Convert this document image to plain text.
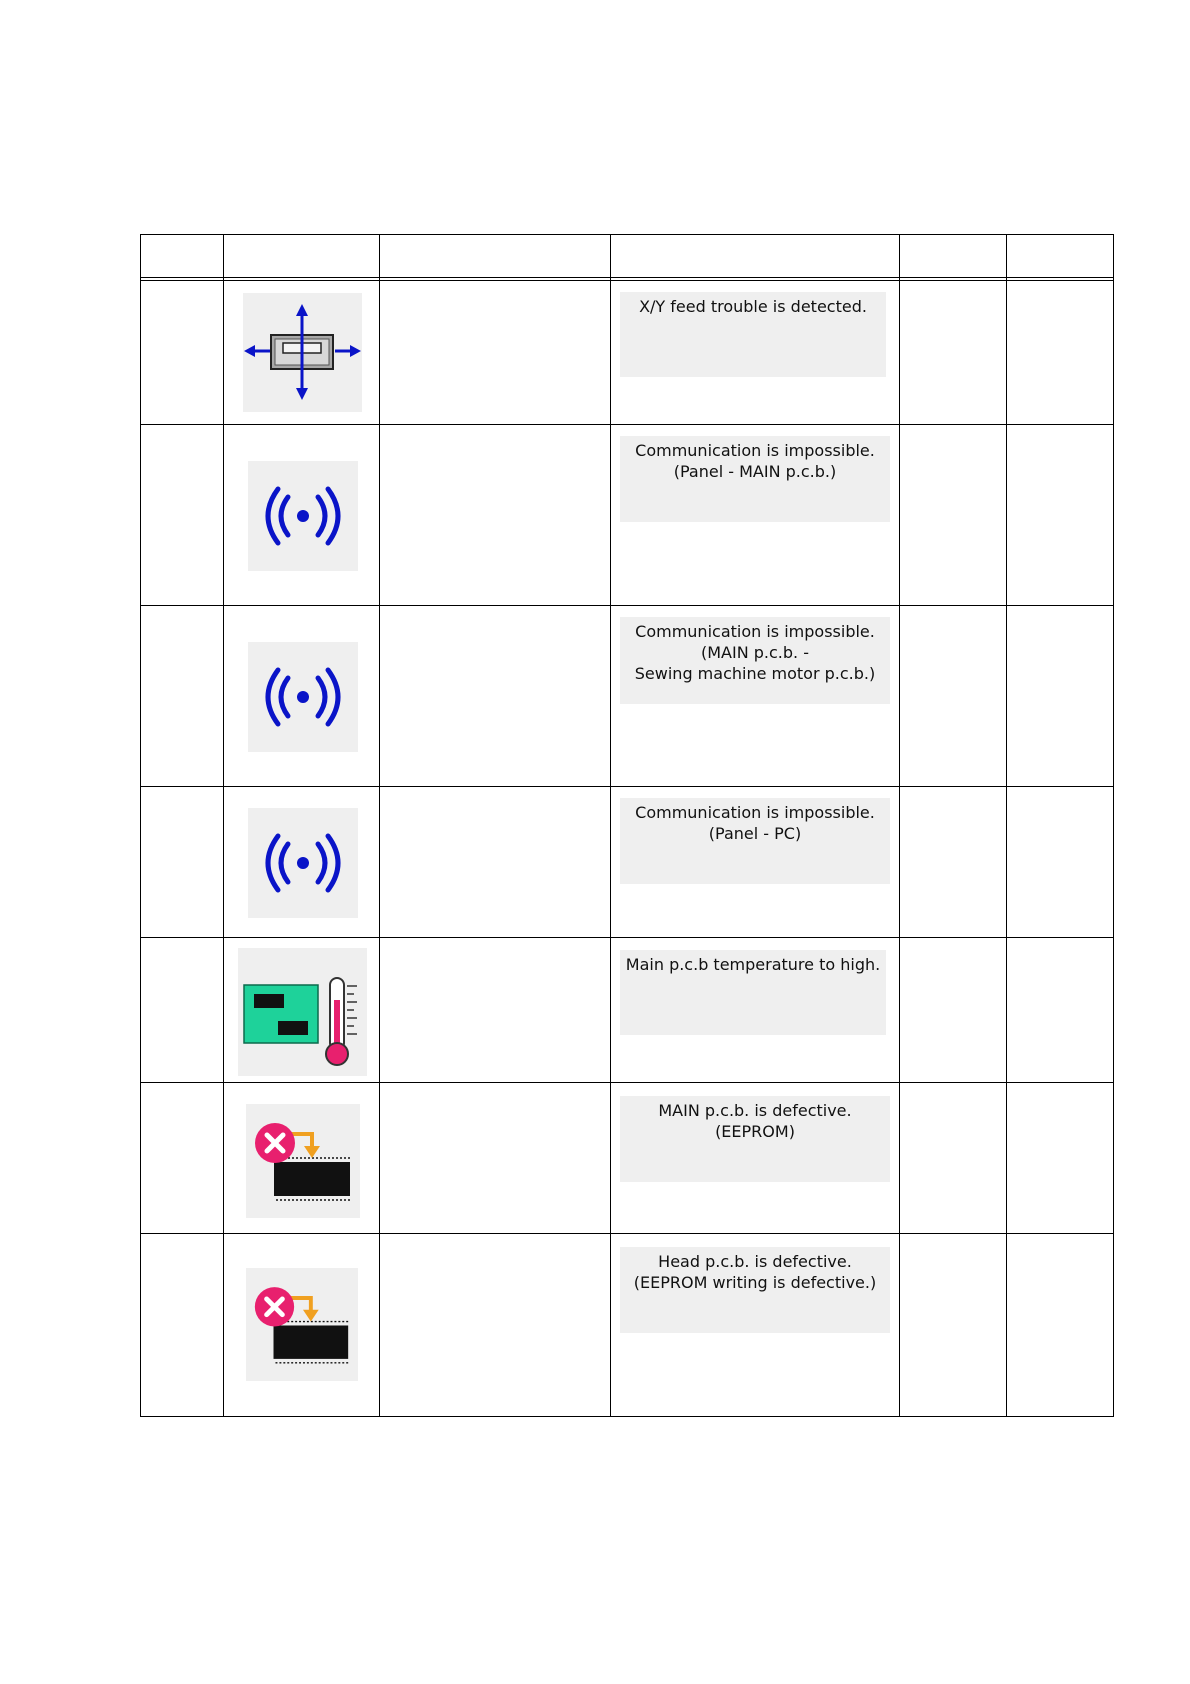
X/Y feed trouble is detected.
Communication is impossible.
(Panel - MAIN p.c.b.)
Communication is impossible.
(MAIN p.c.b. -
Sewing machine motor p.c.b.)
Communication is impossible.
(Panel - PC)
Main p.c.b temperature to high.
MAIN p.c.b. is defective.
(EEPROM)
Head p.c.b. is defective.
(EEPROM writing is defective.)
